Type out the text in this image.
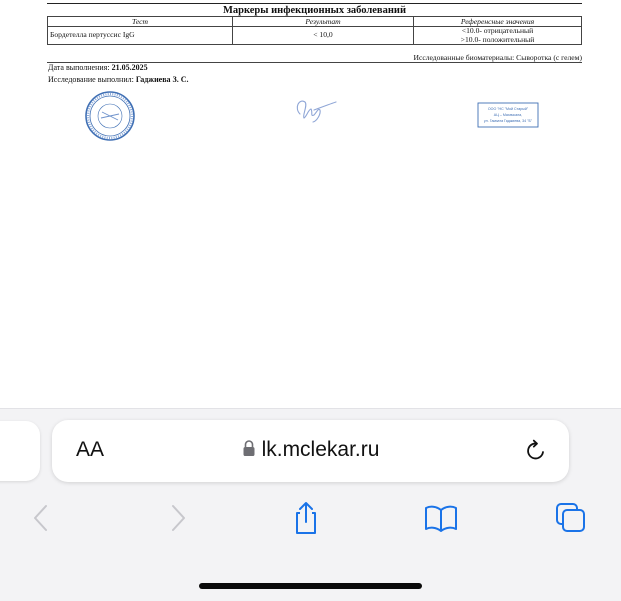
Маркеры инфекционных заболеваний
Тест	Результат	Референсные значения
Бордетелла пертуссис IgG	< 10,0	<10.0- отрицательный
>10.0- положительный
Исследованные биоматериалы: Сыворотка (с гелем)
Дата выполнения: 21.05.2025
Исследование выполнил: Гаджиева З. С.
ООО "НС "Мой Старый"
АЦ – Махачкала,
ул. Гамзата Гаджиева, 34 "Б"
AA	lk.mclekar.ru
